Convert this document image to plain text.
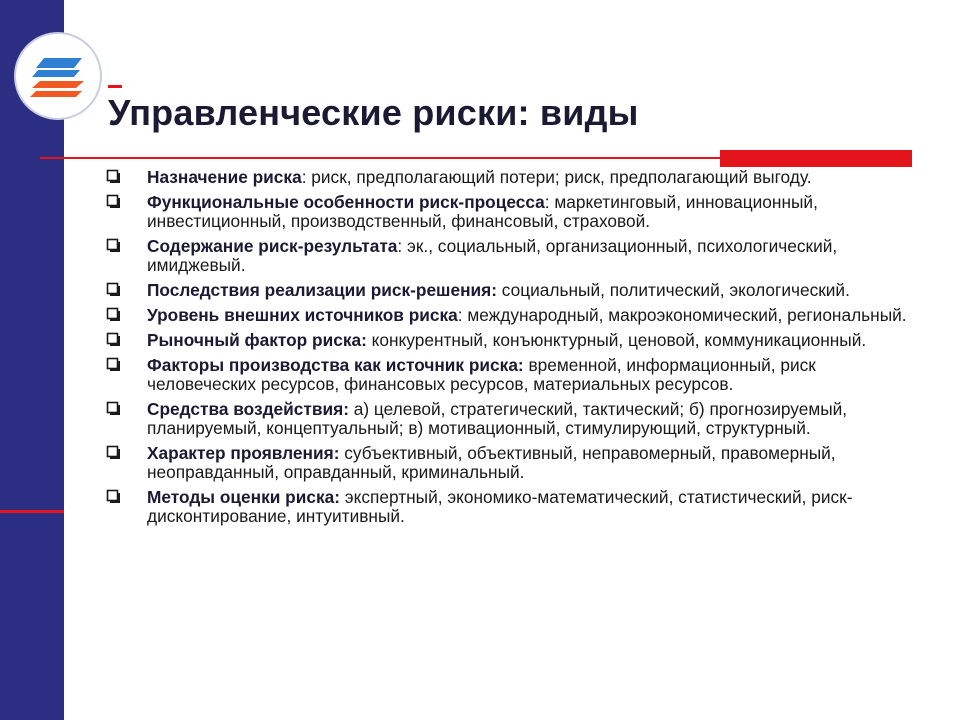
Управленческие риски: виды
Назначение риска: риск, предполагающий потери; риск, предполагающий выгоду.
Функциональные особенности риск-процесса: маркетинговый, инновационный, инвестиционный, производственный, финансовый, страховой.
Содержание риск-результата: эк., социальный, организационный, психологический, имиджевый.
Последствия реализации риск-решения: социальный, политический, экологический.
Уровень внешних источников риска: международный, макроэкономический, региональный.
Рыночный фактор риска: конкурентный, конъюнктурный, ценовой, коммуникационный.
Факторы производства как источник риска: временной, информационный, риск человеческих ресурсов, финансовых ресурсов, материальных ресурсов.
Средства воздействия: а) целевой, стратегический, тактический; б) прогнозируемый, планируемый, концептуальный; в) мотивационный, стимулирующий, структурный.
Характер проявления: субъективный, объективный, неправомерный, правомерный, неоправданный, оправданный, криминальный.
Методы оценки риска: экспертный, экономико-математический, статистический, риск-дисконтирование, интуитивный.
